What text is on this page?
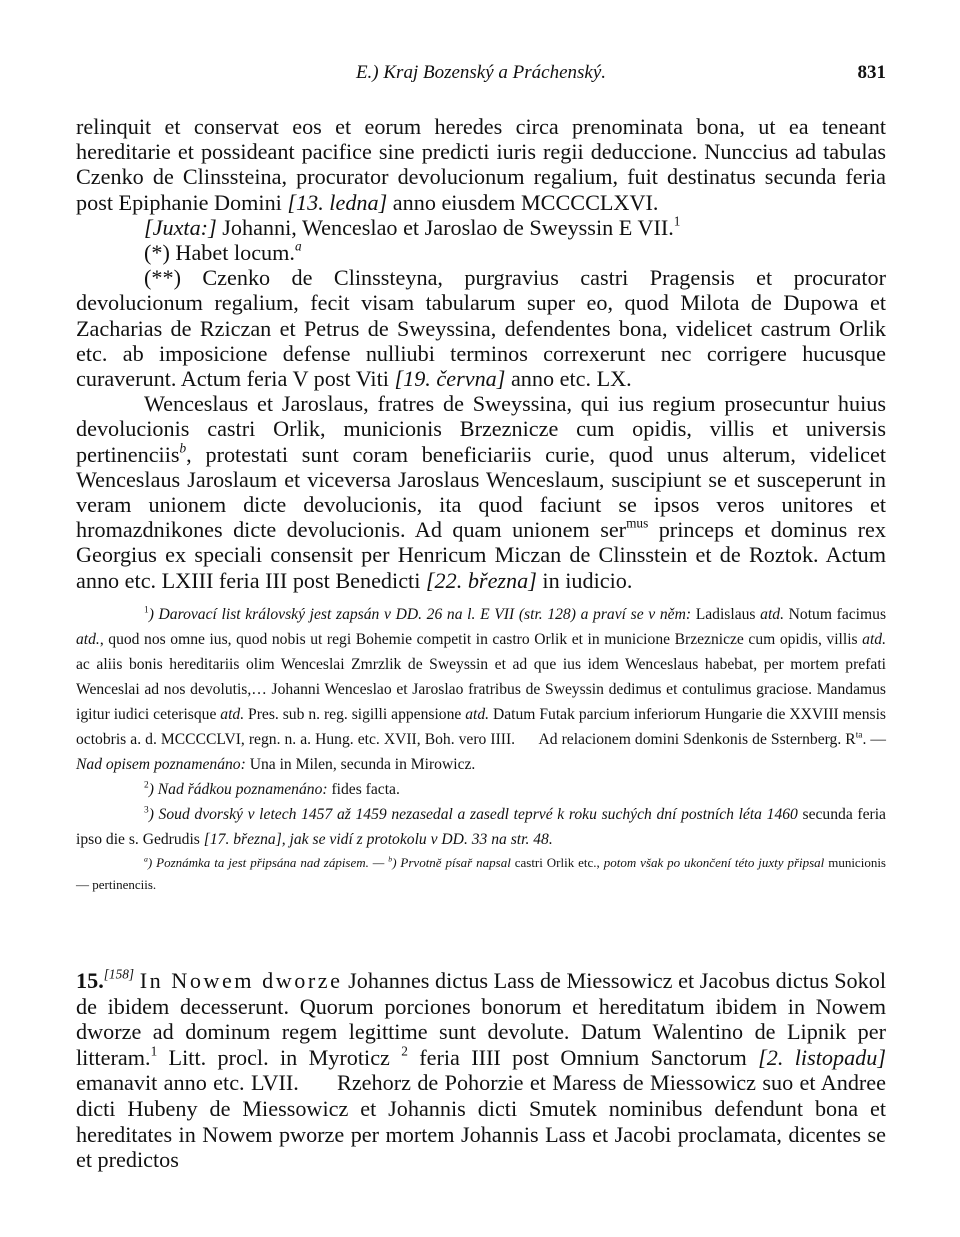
E.) Kraj Bozenský a Práchenský.	831

relinquit et conservat eos et eorum heredes circa prenominata bona, ut ea teneant hereditarie et possideant pacifice sine predicti iuris regii deduccione. Nunccius ad tabulas Czenko de Clinssteina, procurator devolucionum regalium, fuit destinatus secunda feria post Epiphanie Domini [13. ledna] anno eiusdem MCCCCLXVI.

[Juxta:] Johanni, Wenceslao et Jaroslao de Sweyssin E VII.$^1$

(*) Habet locum.$^a$

(**) Czenko de Clinssteyna, purgravius castri Pragensis et procurator devolucionum regalium, fecit visam tabularum super eo, quod Milota de Dupowa et Zacharias de Rziczan et Petrus de Sweyssina, defendentes bona, videlicet castrum Orlik etc. ab imposicione defense nulliubi terminos correxerunt nec corrigere hucusque curaverunt. Actum feria V post Viti [19. června] anno etc. LX.

Wenceslaus et Jaroslaus, fratres de Sweyssina, qui ius regium prosecuntur huius devolucionis castri Orlik, municionis Brzeznicze cum opidis, villis et universis pertinenciis$^b$, protestati sunt coram beneficiariis curie, quod unus alterum, videlicet Wenceslaus Jaroslaum et viceversa Jaroslaus Wenceslaum, suscipiunt se et susceperunt in veram unionem dicte devolucionis, ita quod faciunt se ipsos veros unitores et hromazdnikones dicte devolucionis. Ad quam unionem ser$^{mus}$ princeps et dominus rex Georgius ex speciali consensit per Henricum Miczan de Clinsstein et de Roztok. Actum anno etc. LXIII feria III post Benedicti [22. března] in iudicio.

$^1$) Darovací list královský jest zapsán v DD. 26 na l. E VII (str. 128) a praví se v něm: Ladislaus atd. Notum facimus atd., quod nos omne ius, quod nobis ut regi Bohemie competit in castro Orlik et in municione Brzeznicze cum opidis, villis atd. ac aliis bonis hereditariis olim Wenceslai Zmrzlik de Sweyssin et ad que ius idem Wenceslaus habebat, per mortem prefati Wenceslai ad nos devolutis,… Johanni Wenceslao et Jaroslao fratribus de Sweyssin dedimus et contulimus graciose. Mandamus igitur iudici ceterisque atd. Pres. sub n. reg. sigilli appensione atd. Datum Futak parcium inferiorum Hungarie die XXVIII mensis octobris a. d. MCCCCLVI, regn. n. a. Hung. etc. XVII, Boh. vero IIII.      Ad relacionem domini Sdenkonis de Ssternberg. $R^{ta}$. — Nad opisem poznamenáno: Una in Milen, secunda in Mirowicz.

$^2$) Nad řádkou poznamenáno: fides facta.

$^3$) Soud dvorský v letech 1457 až 1459 nezasedal a zasedl teprvé k roku suchých dní postních léta 1460 secunda feria ipso die s. Gedrudis [17. března], jak se vidí z protokolu v DD. 33 na str. 48.

$^a$) Poznámka ta jest připsána nad zápisem. — $^b$) Prvotně písař napsal castri Orlik etc., potom však po ukončení této juxty připsal municionis — pertinenciis.

15.[158] In Nowem dworze Johannes dictus Lass de Miessowicz et Jacobus dictus Sokol de ibidem decesserunt. Quorum porciones bonorum et hereditatum ibidem in Nowem dworze ad dominum regem legittime sunt devolute. Datum Walentino de Lipnik per litteram.$^1$ Litt. procl. in Myroticz $^2$ feria IIII post Omnium Sanctorum [2. listopadu] emanavit anno etc. LVII.      Rzehorz de Pohorzie et Maress de Miessowicz suo et Andree dicti Hubeny de Miessowicz et Johannis dicti Smutek nominibus defendunt bona et hereditates in Nowem pworze per mortem Johannis Lass et Jacobi proclamata, dicentes se et predictos
